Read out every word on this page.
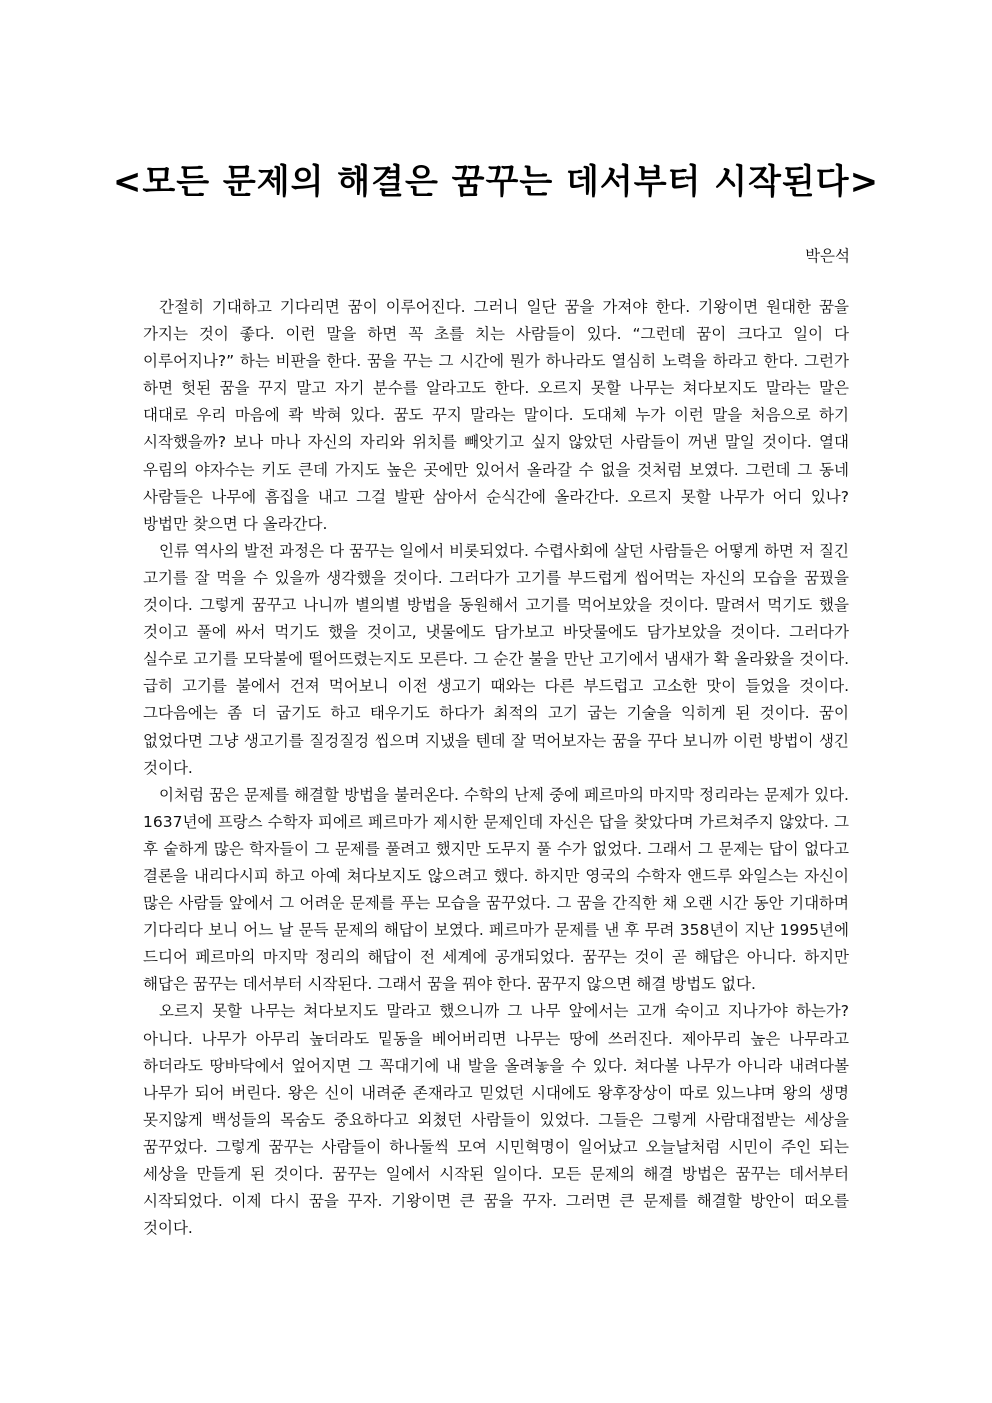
<모든 문제의 해결은 꿈꾸는 데서부터 시작된다>
박은석

간절히 기대하고 기다리면 꿈이 이루어진다. 그러니 일단 꿈을 가져야 한다. 기왕이면 원대한 꿈을 가지는 것이 좋다. 이런 말을 하면 꼭 초를 치는 사람들이 있다. “그런데 꿈이 크다고 일이 다 이루어지나?” 하는 비판을 한다. 꿈을 꾸는 그 시간에 뭔가 하나라도 열심히 노력을 하라고 한다. 그런가 하면 헛된 꿈을 꾸지 말고 자기 분수를 알라고도 한다. 오르지 못할 나무는 쳐다보지도 말라는 말은 대대로 우리 마음에 콱 박혀 있다. 꿈도 꾸지 말라는 말이다. 도대체 누가 이런 말을 처음으로 하기 시작했을까? 보나 마나 자신의 자리와 위치를 빼앗기고 싶지 않았던 사람들이 꺼낸 말일 것이다. 열대 우림의 야자수는 키도 큰데 가지도 높은 곳에만 있어서 올라갈 수 없을 것처럼 보였다. 그런데 그 동네 사람들은 나무에 흠집을 내고 그걸 발판 삼아서 순식간에 올라간다. 오르지 못할 나무가 어디 있나? 방법만 찾으면 다 올라간다.

인류 역사의 발전 과정은 다 꿈꾸는 일에서 비롯되었다. 수렵사회에 살던 사람들은 어떻게 하면 저 질긴 고기를 잘 먹을 수 있을까 생각했을 것이다. 그러다가 고기를 부드럽게 씹어먹는 자신의 모습을 꿈꿨을 것이다. 그렇게 꿈꾸고 나니까 별의별 방법을 동원해서 고기를 먹어보았을 것이다. 말려서 먹기도 했을 것이고 풀에 싸서 먹기도 했을 것이고, 냇물에도 담가보고 바닷물에도 담가보았을 것이다. 그러다가 실수로 고기를 모닥불에 떨어뜨렸는지도 모른다. 그 순간 불을 만난 고기에서 냄새가 확 올라왔을 것이다. 급히 고기를 불에서 건져 먹어보니 이전 생고기 때와는 다른 부드럽고 고소한 맛이 들었을 것이다. 그다음에는 좀 더 굽기도 하고 태우기도 하다가 최적의 고기 굽는 기술을 익히게 된 것이다. 꿈이 없었다면 그냥 생고기를 질겅질겅 씹으며 지냈을 텐데 잘 먹어보자는 꿈을 꾸다 보니까 이런 방법이 생긴 것이다.

이처럼 꿈은 문제를 해결할 방법을 불러온다. 수학의 난제 중에 페르마의 마지막 정리라는 문제가 있다. 1637년에 프랑스 수학자 피에르 페르마가 제시한 문제인데 자신은 답을 찾았다며 가르쳐주지 않았다. 그 후 숱하게 많은 학자들이 그 문제를 풀려고 했지만 도무지 풀 수가 없었다. 그래서 그 문제는 답이 없다고 결론을 내리다시피 하고 아예 쳐다보지도 않으려고 했다. 하지만 영국의 수학자 앤드루 와일스는 자신이 많은 사람들 앞에서 그 어려운 문제를 푸는 모습을 꿈꾸었다. 그 꿈을 간직한 채 오랜 시간 동안 기대하며 기다리다 보니 어느 날 문득 문제의 해답이 보였다. 페르마가 문제를 낸 후 무려 358년이 지난 1995년에 드디어 페르마의 마지막 정리의 해답이 전 세계에 공개되었다. 꿈꾸는 것이 곧 해답은 아니다. 하지만 해답은 꿈꾸는 데서부터 시작된다. 그래서 꿈을 꿔야 한다. 꿈꾸지 않으면 해결 방법도 없다.

오르지 못할 나무는 쳐다보지도 말라고 했으니까 그 나무 앞에서는 고개 숙이고 지나가야 하는가? 아니다. 나무가 아무리 높더라도 밑동을 베어버리면 나무는 땅에 쓰러진다. 제아무리 높은 나무라고 하더라도 땅바닥에서 엎어지면 그 꼭대기에 내 발을 올려놓을 수 있다. 쳐다볼 나무가 아니라 내려다볼 나무가 되어 버린다. 왕은 신이 내려준 존재라고 믿었던 시대에도 왕후장상이 따로 있느냐며 왕의 생명 못지않게 백성들의 목숨도 중요하다고 외쳤던 사람들이 있었다. 그들은 그렇게 사람대접받는 세상을 꿈꾸었다. 그렇게 꿈꾸는 사람들이 하나둘씩 모여 시민혁명이 일어났고 오늘날처럼 시민이 주인 되는 세상을 만들게 된 것이다. 꿈꾸는 일에서 시작된 일이다. 모든 문제의 해결 방법은 꿈꾸는 데서부터 시작되었다. 이제 다시 꿈을 꾸자. 기왕이면 큰 꿈을 꾸자. 그러면 큰 문제를 해결할 방안이 떠오를 것이다.
